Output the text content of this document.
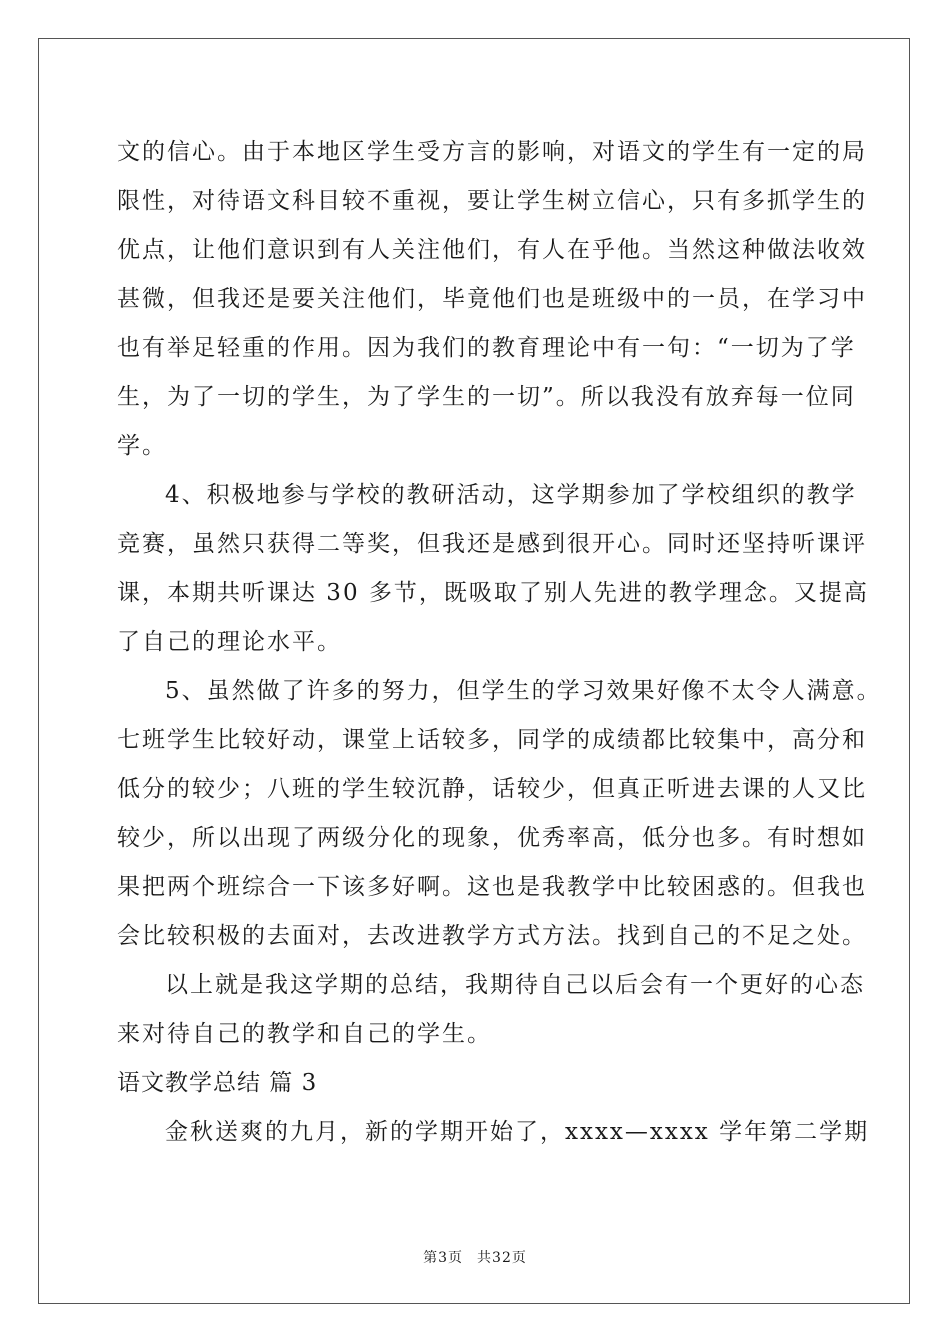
文的信心。由于本地区学生受方言的影响，对语文的学生有一定的局
限性，对待语文科目较不重视，要让学生树立信心，只有多抓学生的
优点，让他们意识到有人关注他们，有人在乎他。当然这种做法收效
甚微，但我还是要关注他们，毕竟他们也是班级中的一员，在学习中
也有举足轻重的作用。因为我们的教育理论中有一句：“一切为了学
生，为了一切的学生，为了学生的一切”。所以我没有放弃每一位同
学。
4、积极地参与学校的教研活动，这学期参加了学校组织的教学
竞赛，虽然只获得二等奖，但我还是感到很开心。同时还坚持听课评
课，本期共听课达 30 多节，既吸取了别人先进的教学理念。又提高
了自己的理论水平。
5、虽然做了许多的努力，但学生的学习效果好像不太令人满意。
七班学生比较好动，课堂上话较多，同学的成绩都比较集中，高分和
低分的较少；八班的学生较沉静，话较少，但真正听进去课的人又比
较少，所以出现了两级分化的现象，优秀率高，低分也多。有时想如
果把两个班综合一下该多好啊。这也是我教学中比较困惑的。但我也
会比较积极的去面对，去改进教学方式方法。找到自己的不足之处。
以上就是我这学期的总结，我期待自己以后会有一个更好的心态
来对待自己的教学和自己的学生。
语文教学总结 篇 3
金秋送爽的九月，新的学期开始了，xxxx—xxxx 学年第二学期
第3页 共32页
